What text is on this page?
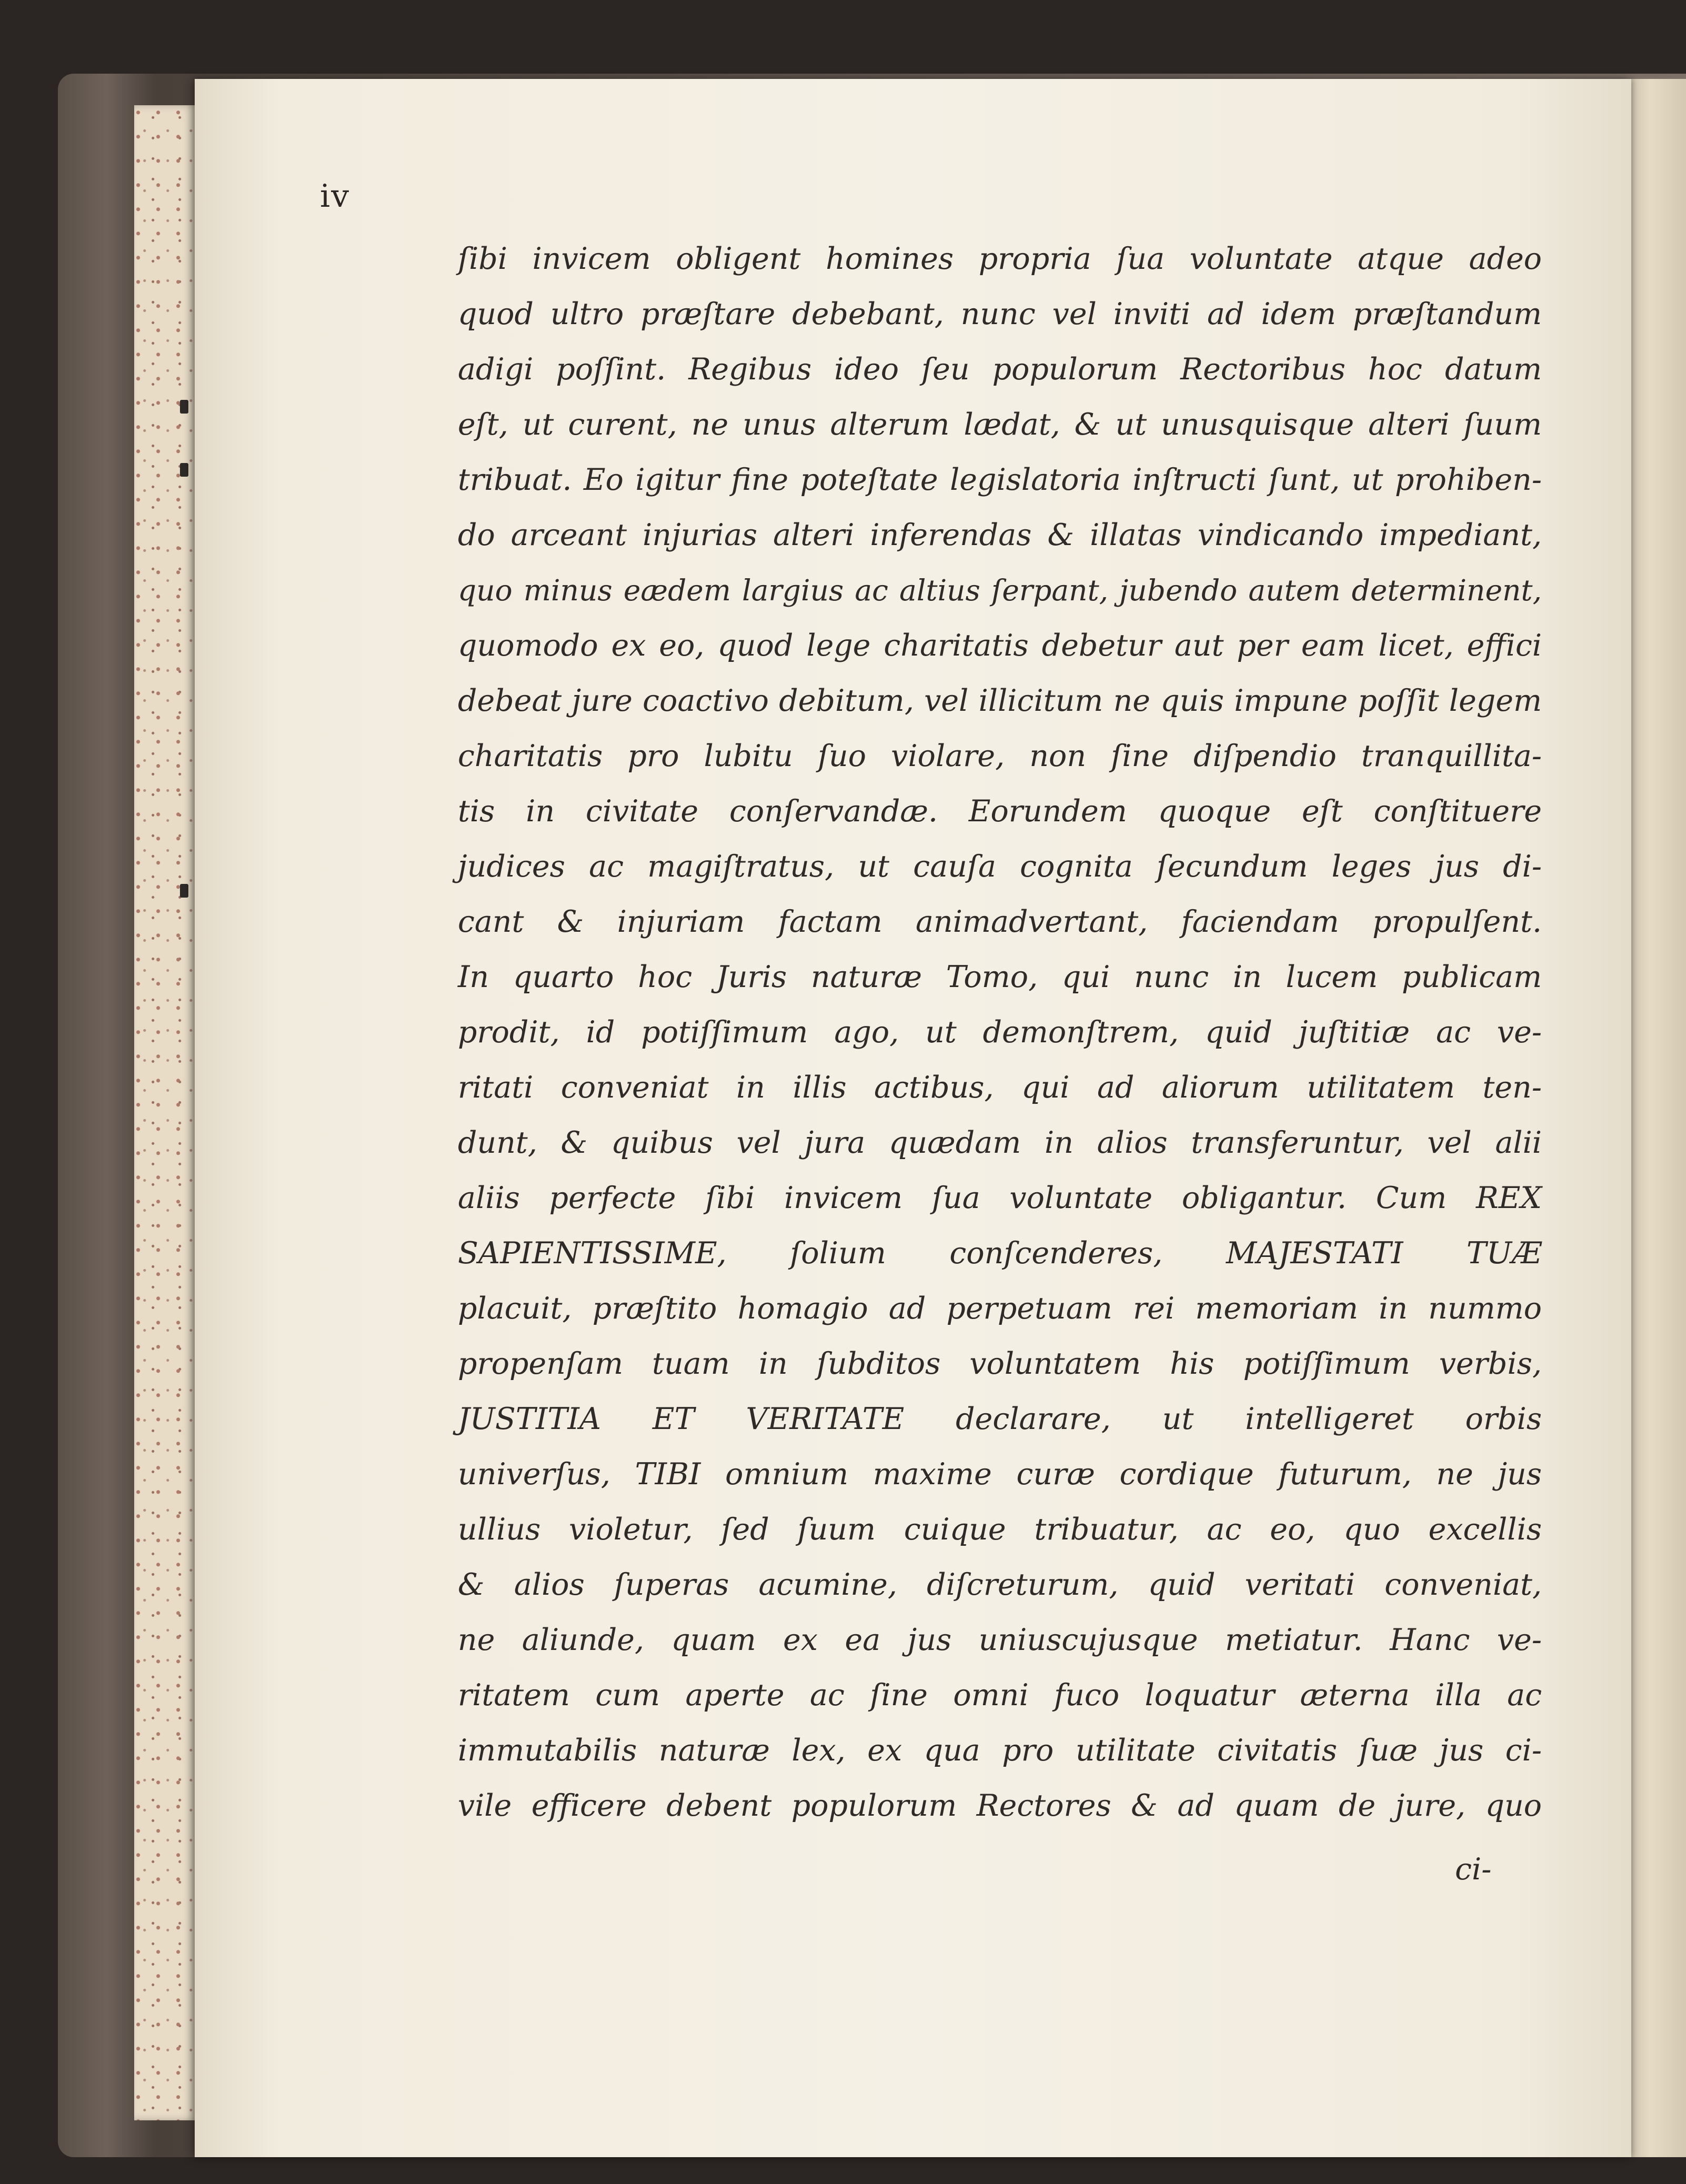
iv
ſibi invicem obligent homines propria ſua voluntate atque adeo
quod ultro præſtare debebant, nunc vel inviti ad idem præſtandum
adigi poſſint. Regibus ideo ſeu populorum Rectoribus hoc datum
eſt, ut curent, ne unus alterum lædat, & ut unusquisque alteri ſuum
tribuat. Eo igitur fine poteſtate legislatoria inſtructi ſunt, ut prohiben-
do arceant injurias alteri inferendas & illatas vindicando impediant,
quo minus eædem largius ac altius ſerpant, jubendo autem determinent,
quomodo ex eo, quod lege charitatis debetur aut per eam licet, effici
debeat jure coactivo debitum, vel illicitum ne quis impune poſſit legem
charitatis pro lubitu ſuo violare, non ſine diſpendio tranquillita-
tis in civitate conſervandæ. Eorundem quoque eſt conſtituere
judices ac magiſtratus, ut cauſa cognita ſecundum leges jus di-
cant & injuriam factam animadvertant, faciendam propulſent.
In quarto hoc Juris naturæ Tomo, qui nunc in lucem publicam
prodit, id potiſſimum ago, ut demonſtrem, quid juſtitiæ ac ve-
ritati conveniat in illis actibus, qui ad aliorum utilitatem ten-
dunt, & quibus vel jura quædam in alios transferuntur, vel alii
aliis perfecte ſibi invicem ſua voluntate obligantur. Cum REX
SAPIENTISSIME, ſolium conſcenderes, MAJESTATI TUÆ
placuit, præſtito homagio ad perpetuam rei memoriam in nummo
propenſam tuam in ſubditos voluntatem his potiſſimum verbis,
JUSTITIA ET VERITATE declarare, ut intelligeret orbis
univerſus, TIBI omnium maxime curæ cordique futurum, ne jus
ullius violetur, ſed ſuum cuique tribuatur, ac eo, quo excellis
& alios ſuperas acumine, diſcreturum, quid veritati conveniat,
ne aliunde, quam ex ea jus uniuscujusque metiatur. Hanc ve-
ritatem cum aperte ac ſine omni fuco loquatur æterna illa ac
immutabilis naturæ lex, ex qua pro utilitate civitatis ſuæ jus ci-
vile efficere debent populorum Rectores & ad quam de jure, quo
ci-
